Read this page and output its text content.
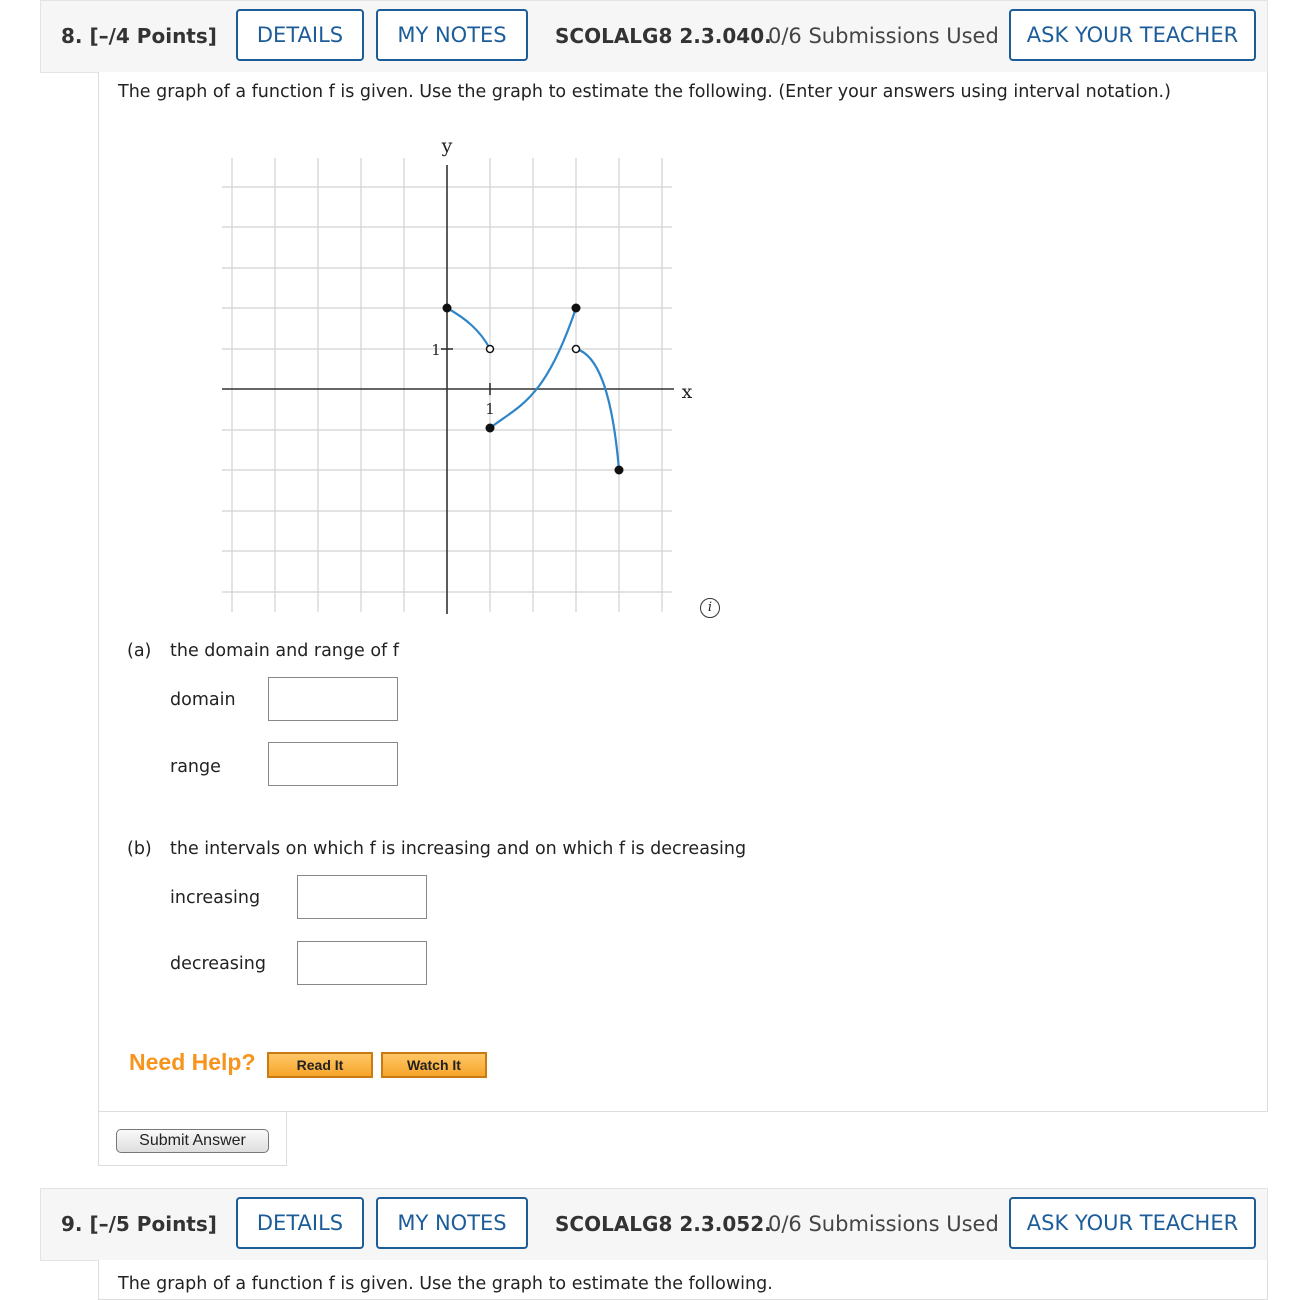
8. [–/4 Points]	DETAILS	MY NOTES	SCOLALG8 2.3.040.
0/6 Submissions Used	ASK YOUR TEACHER
The graph of a function f is given. Use the graph to estimate the following. (Enter your answers using interval notation.)
y
x
1
1
i
(a) the domain and range of f
domain
range
(b) the intervals on which f is increasing and on which f is decreasing
increasing
decreasing
Need Help?	Read It	Watch It
Submit Answer
9. [–/5 Points]	DETAILS	MY NOTES	SCOLALG8 2.3.052.
0/6 Submissions Used	ASK YOUR TEACHER
The graph of a function f is given. Use the graph to estimate the following.
